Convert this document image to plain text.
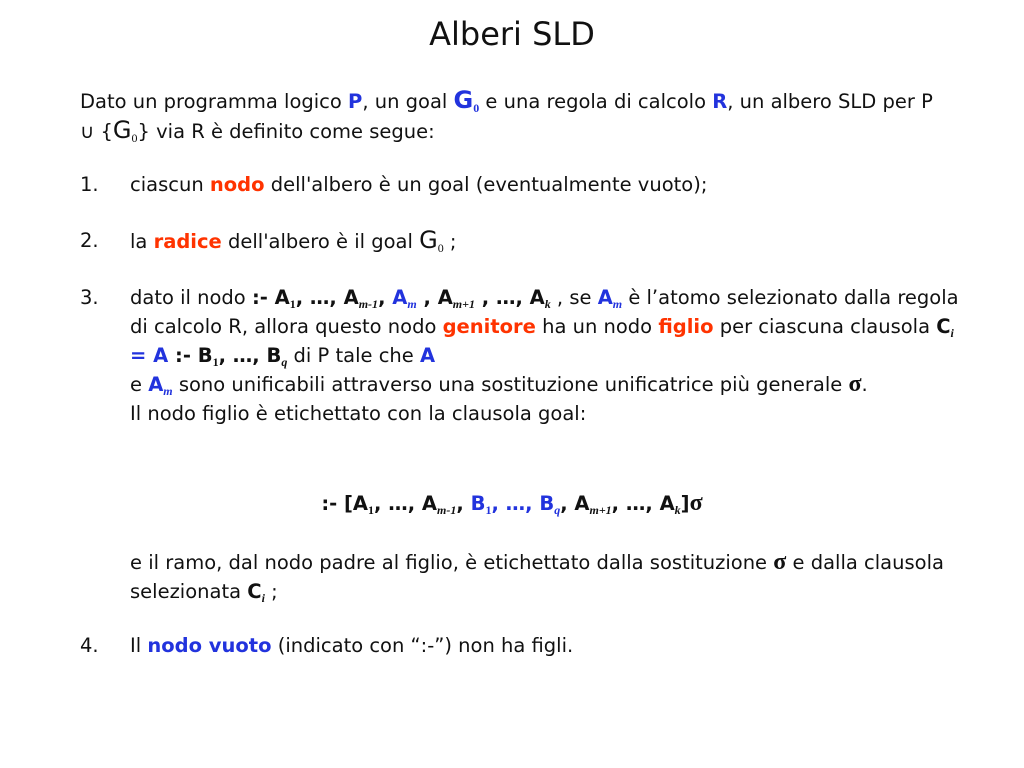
Alberi SLD
Dato un programma logico P, un goal $G_0$ e una regola di calcolo R, un albero SLD per P ∪ $\{G_0\}$ via R è definito come segue:
1.	ciascun nodo dell'albero è un goal (eventualmente vuoto);
2.	la radice dell'albero è il goal $G_0$ ;
3.	dato il nodo :- $A_1$, …, $A_{m-1}$, $A_m$ , $A_{m+1}$ , …, $A_k$ , se $A_m$ è l’atomo selezionato dalla regola di calcolo R, allora questo nodo genitore ha un nodo figlio per ciascuna clausola $C_i = A$ :- $B_1$, …, $B_q$ di P tale che A
e $A_m$ sono unificabili attraverso una sostituzione unificatrice più generale σ.
Il nodo figlio è etichettato con la clausola goal:
:- [$A_1$, …, $A_{m-1}$, $B_1$, …, $B_q$, $A_{m+1}$, …, $A_k]\sigma$
e il ramo, dal nodo padre al figlio, è etichettato dalla sostituzione σ e dalla clausola selezionata $C_i$ ;
4.	Il nodo vuoto (indicato con “:-”) non ha figli.
